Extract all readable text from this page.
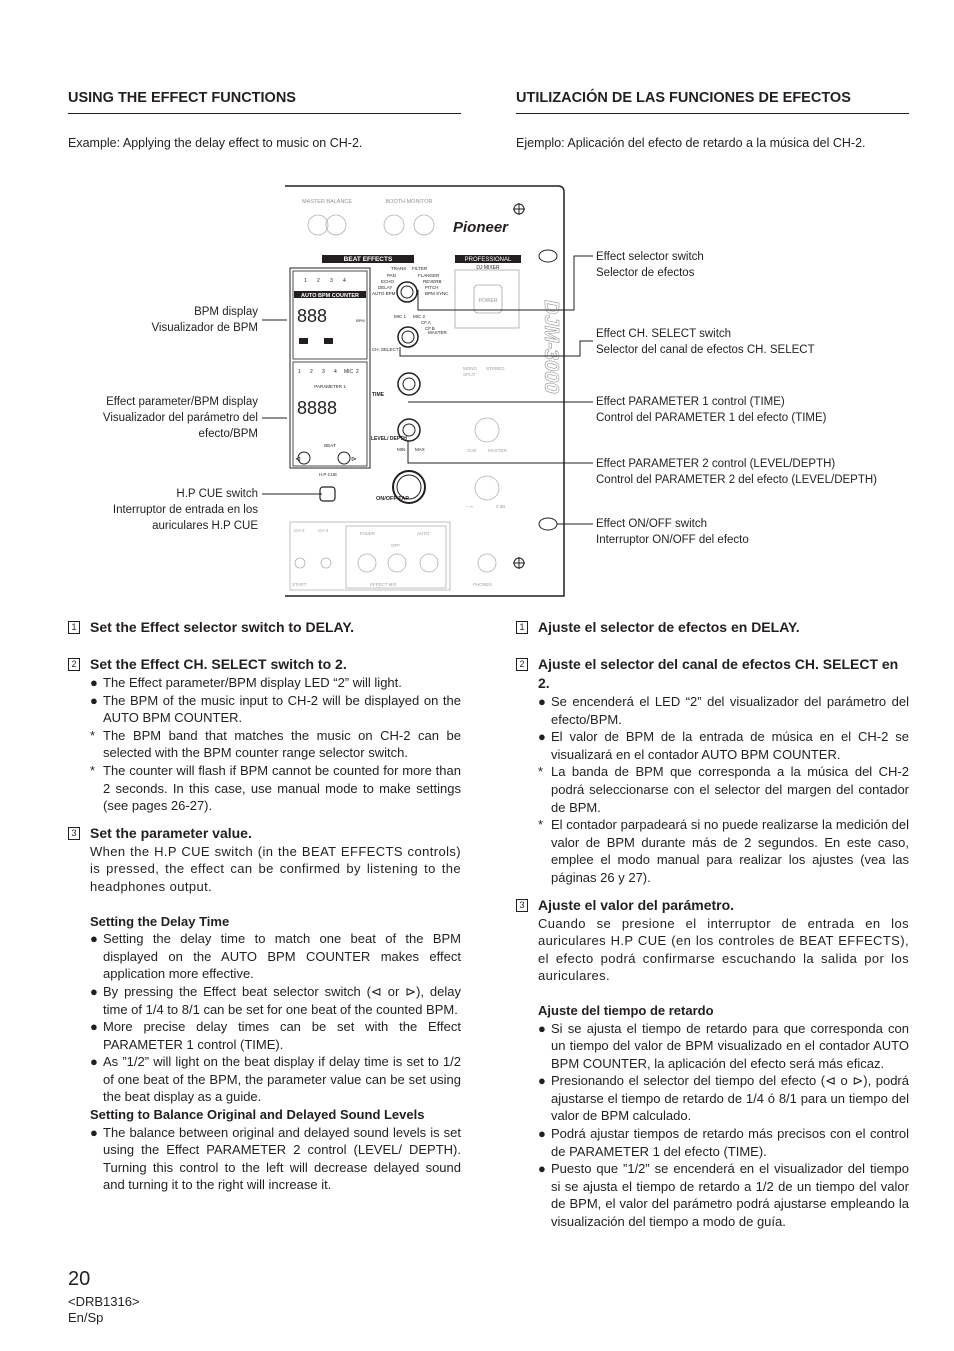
USING THE EFFECT FUNCTIONS	UTILIZACIÓN DE LAS FUNCIONES DE EFECTOS
Example: Applying the delay effect to music on CH-2.	Ejemplo: Aplicación del efecto de retardo a la música del CH-2.
BPM display
Visualizador de BPM
Effect parameter/BPM display
Visualizador del parámetro del
efecto/BPM
H.P CUE switch
Interruptor de entrada en los
auriculares H.P CUE
Effect selector switch
Selector de efectos
Effect CH. SELECT switch
Selector del canal de efectos CH. SELECT
Effect PARAMETER 1 control (TIME)
Control del PARAMETER 1 del efecto (TIME)
Effect PARAMETER 2 control (LEVEL/DEPTH)
Control del PARAMETER 2 del efecto (LEVEL/DEPTH)
Effect ON/OFF switch
Interruptor ON/OFF del efecto
MASTER BALANCE	BOOTH MONITOR
Pioneer
PROFESSIONAL
DJ MIXER
POWER
BEAT EFFECTS
1 2 3 4
AUTO BPM COUNTER
888	BPM
TRANS FILTER
PAN	FLANGER
ECHO	REVERB
DELAY	PITCH
AUTO BPM	BPM SYNC
MIC 1 MIC 2
CF.A
CF.B
MASTER
CH. SELECT
1 2 3 4 MIC 2
PARAMETER 1
8888
BEAT
⊲	⊳
TIME
LEVEL/ DEPTH
MIN MAX
H.P CUE
ON/OFF TAP
MONO
SPLIT
STEREO
CUE	MASTER
– ∞	0 dB
CH-3	CH-4
FADER	AUTO
OFF
START	EFFECT MIX	PHONES
DJM-3000
1 Set the Effect selector switch to DELAY.
2 Set the Effect CH. SELECT switch to 2.
● The Effect parameter/BPM display LED “2” will light.
● The BPM of the music input to CH-2 will be displayed on the AUTO BPM COUNTER.
* The BPM band that matches the music on CH-2 can be selected with the BPM counter range selector switch.
* The counter will flash if BPM cannot be counted for more than 2 seconds. In this case, use manual mode to make settings (see pages 26-27).
3 Set the parameter value.
When the H.P CUE switch (in the BEAT EFFECTS controls) is pressed, the effect can be confirmed by listening to the headphones output.
Setting the Delay Time
● Setting the delay time to match one beat of the BPM displayed on the AUTO BPM COUNTER makes effect application more effective.
● By pressing the Effect beat selector switch (⊲ or ⊳), delay time of 1/4 to 8/1 can be set for one beat of the counted BPM.
● More precise delay times can be set with the Effect PARAMETER 1 control (TIME).
● As ”1/2” will light on the beat display if delay time is set to 1/2 of one beat of the BPM, the parameter value can be set using the beat display as a guide.
Setting to Balance Original and Delayed Sound Levels
● The balance between original and delayed sound levels is set using the Effect PARAMETER 2 control (LEVEL/ DEPTH). Turning this control to the left will decrease delayed sound and turning it to the right will increase it.
1 Ajuste el selector de efectos en DELAY.
2 Ajuste el selector del canal de efectos CH. SELECT en 2.
● Se encenderá el LED “2” del visualizador del parámetro del efecto/BPM.
● El valor de BPM de la entrada de música en el CH-2 se visualizará en el contador AUTO BPM COUNTER.
* La banda de BPM que corresponda a la música del CH-2 podrá seleccionarse con el selector del margen del contador de BPM.
* El contador parpadeará si no puede realizarse la medición del valor de BPM durante más de 2 segundos. En este caso, emplee el modo manual para realizar los ajustes (vea las páginas 26 y 27).
3 Ajuste el valor del parámetro.
Cuando se presione el interruptor de entrada en los auriculares H.P CUE (en los controles de BEAT EFFECTS), el efecto podrá confirmarse escuchando la salida por los auriculares.
Ajuste del tiempo de retardo
● Si se ajusta el tiempo de retardo para que corresponda con un tiempo del valor de BPM visualizado en el contador AUTO BPM COUNTER, la aplicación del efecto será más eficaz.
● Presionando el selector del tiempo del efecto (⊲ o ⊳), podrá ajustarse el tiempo de retardo de 1/4 ó 8/1 para un tiempo del valor de BPM calculado.
● Podrá ajustar tiempos de retardo más precisos con el control de PARAMETER 1 del efecto (TIME).
● Puesto que ”1/2” se encenderá en el visualizador del tiempo si se ajusta el tiempo de retardo a 1/2 de un tiempo del valor de BPM, el valor del parámetro podrá ajustarse empleando la visualización del tiempo a modo de guía.
20
<DRB1316>
En/Sp
